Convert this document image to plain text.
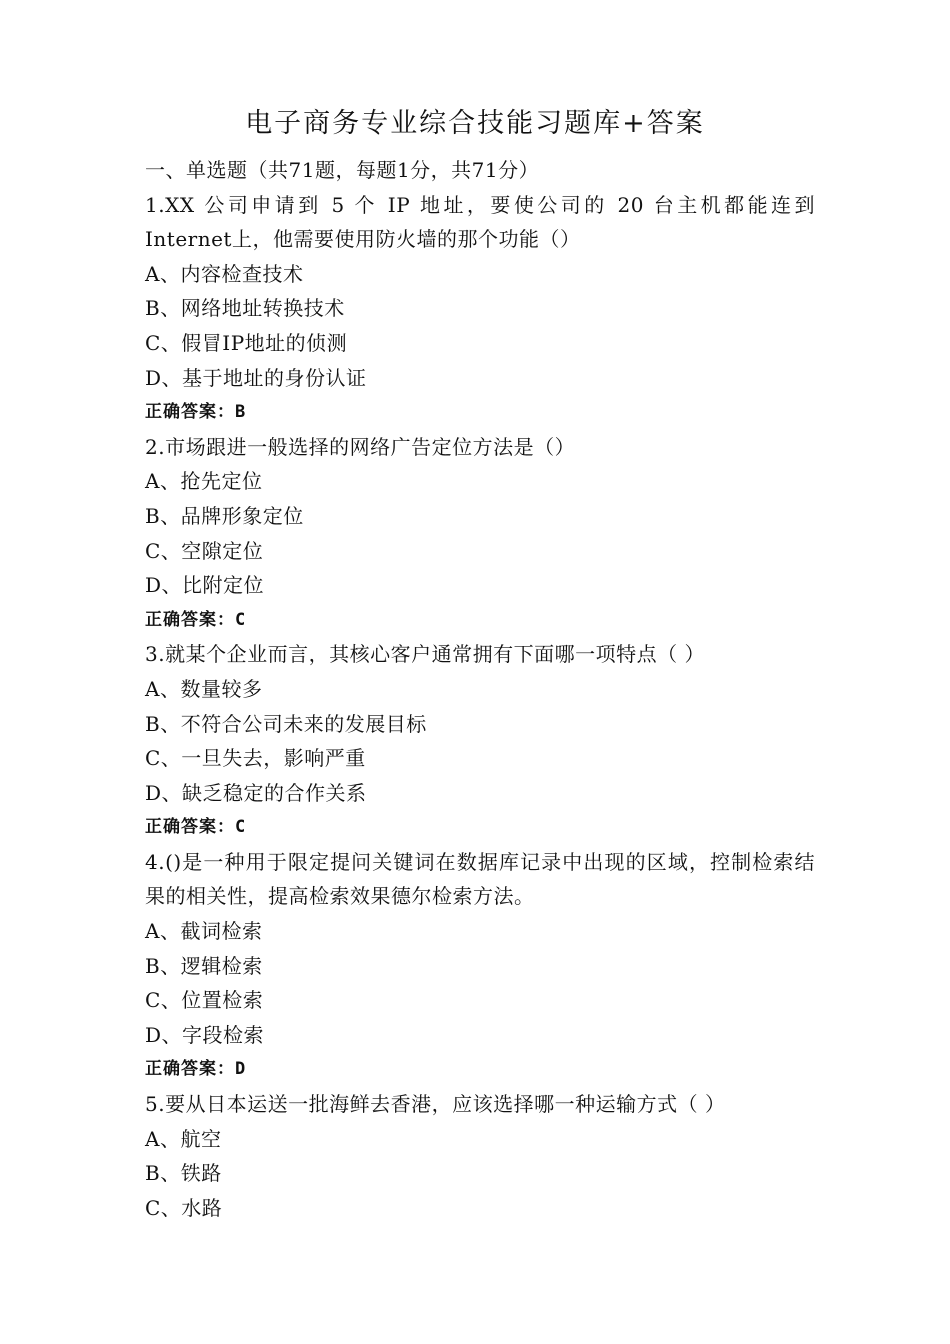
电子商务专业综合技能习题库+答案
一、单选题（共71题，每题1分，共71分）
1.XX 公司申请到 5 个 IP 地址，要使公司的 20 台主机都能连到Internet上，他需要使用防火墙的那个功能（）
A、内容检查技术
B、网络地址转换技术
C、假冒IP地址的侦测
D、基于地址的身份认证
正确答案：B
2.市场跟进一般选择的网络广告定位方法是（）
A、抢先定位
B、品牌形象定位
C、空隙定位
D、比附定位
正确答案：C
3.就某个企业而言，其核心客户通常拥有下面哪一项特点（ ）
A、数量较多
B、不符合公司未来的发展目标
C、一旦失去，影响严重
D、缺乏稳定的合作关系
正确答案：C
4.()是一种用于限定提问关键词在数据库记录中出现的区域，控制检索结果的相关性，提高检索效果德尔检索方法。
A、截词检索
B、逻辑检索
C、位置检索
D、字段检索
正确答案：D
5.要从日本运送一批海鲜去香港，应该选择哪一种运输方式（ ）
A、航空
B、铁路
C、水路
